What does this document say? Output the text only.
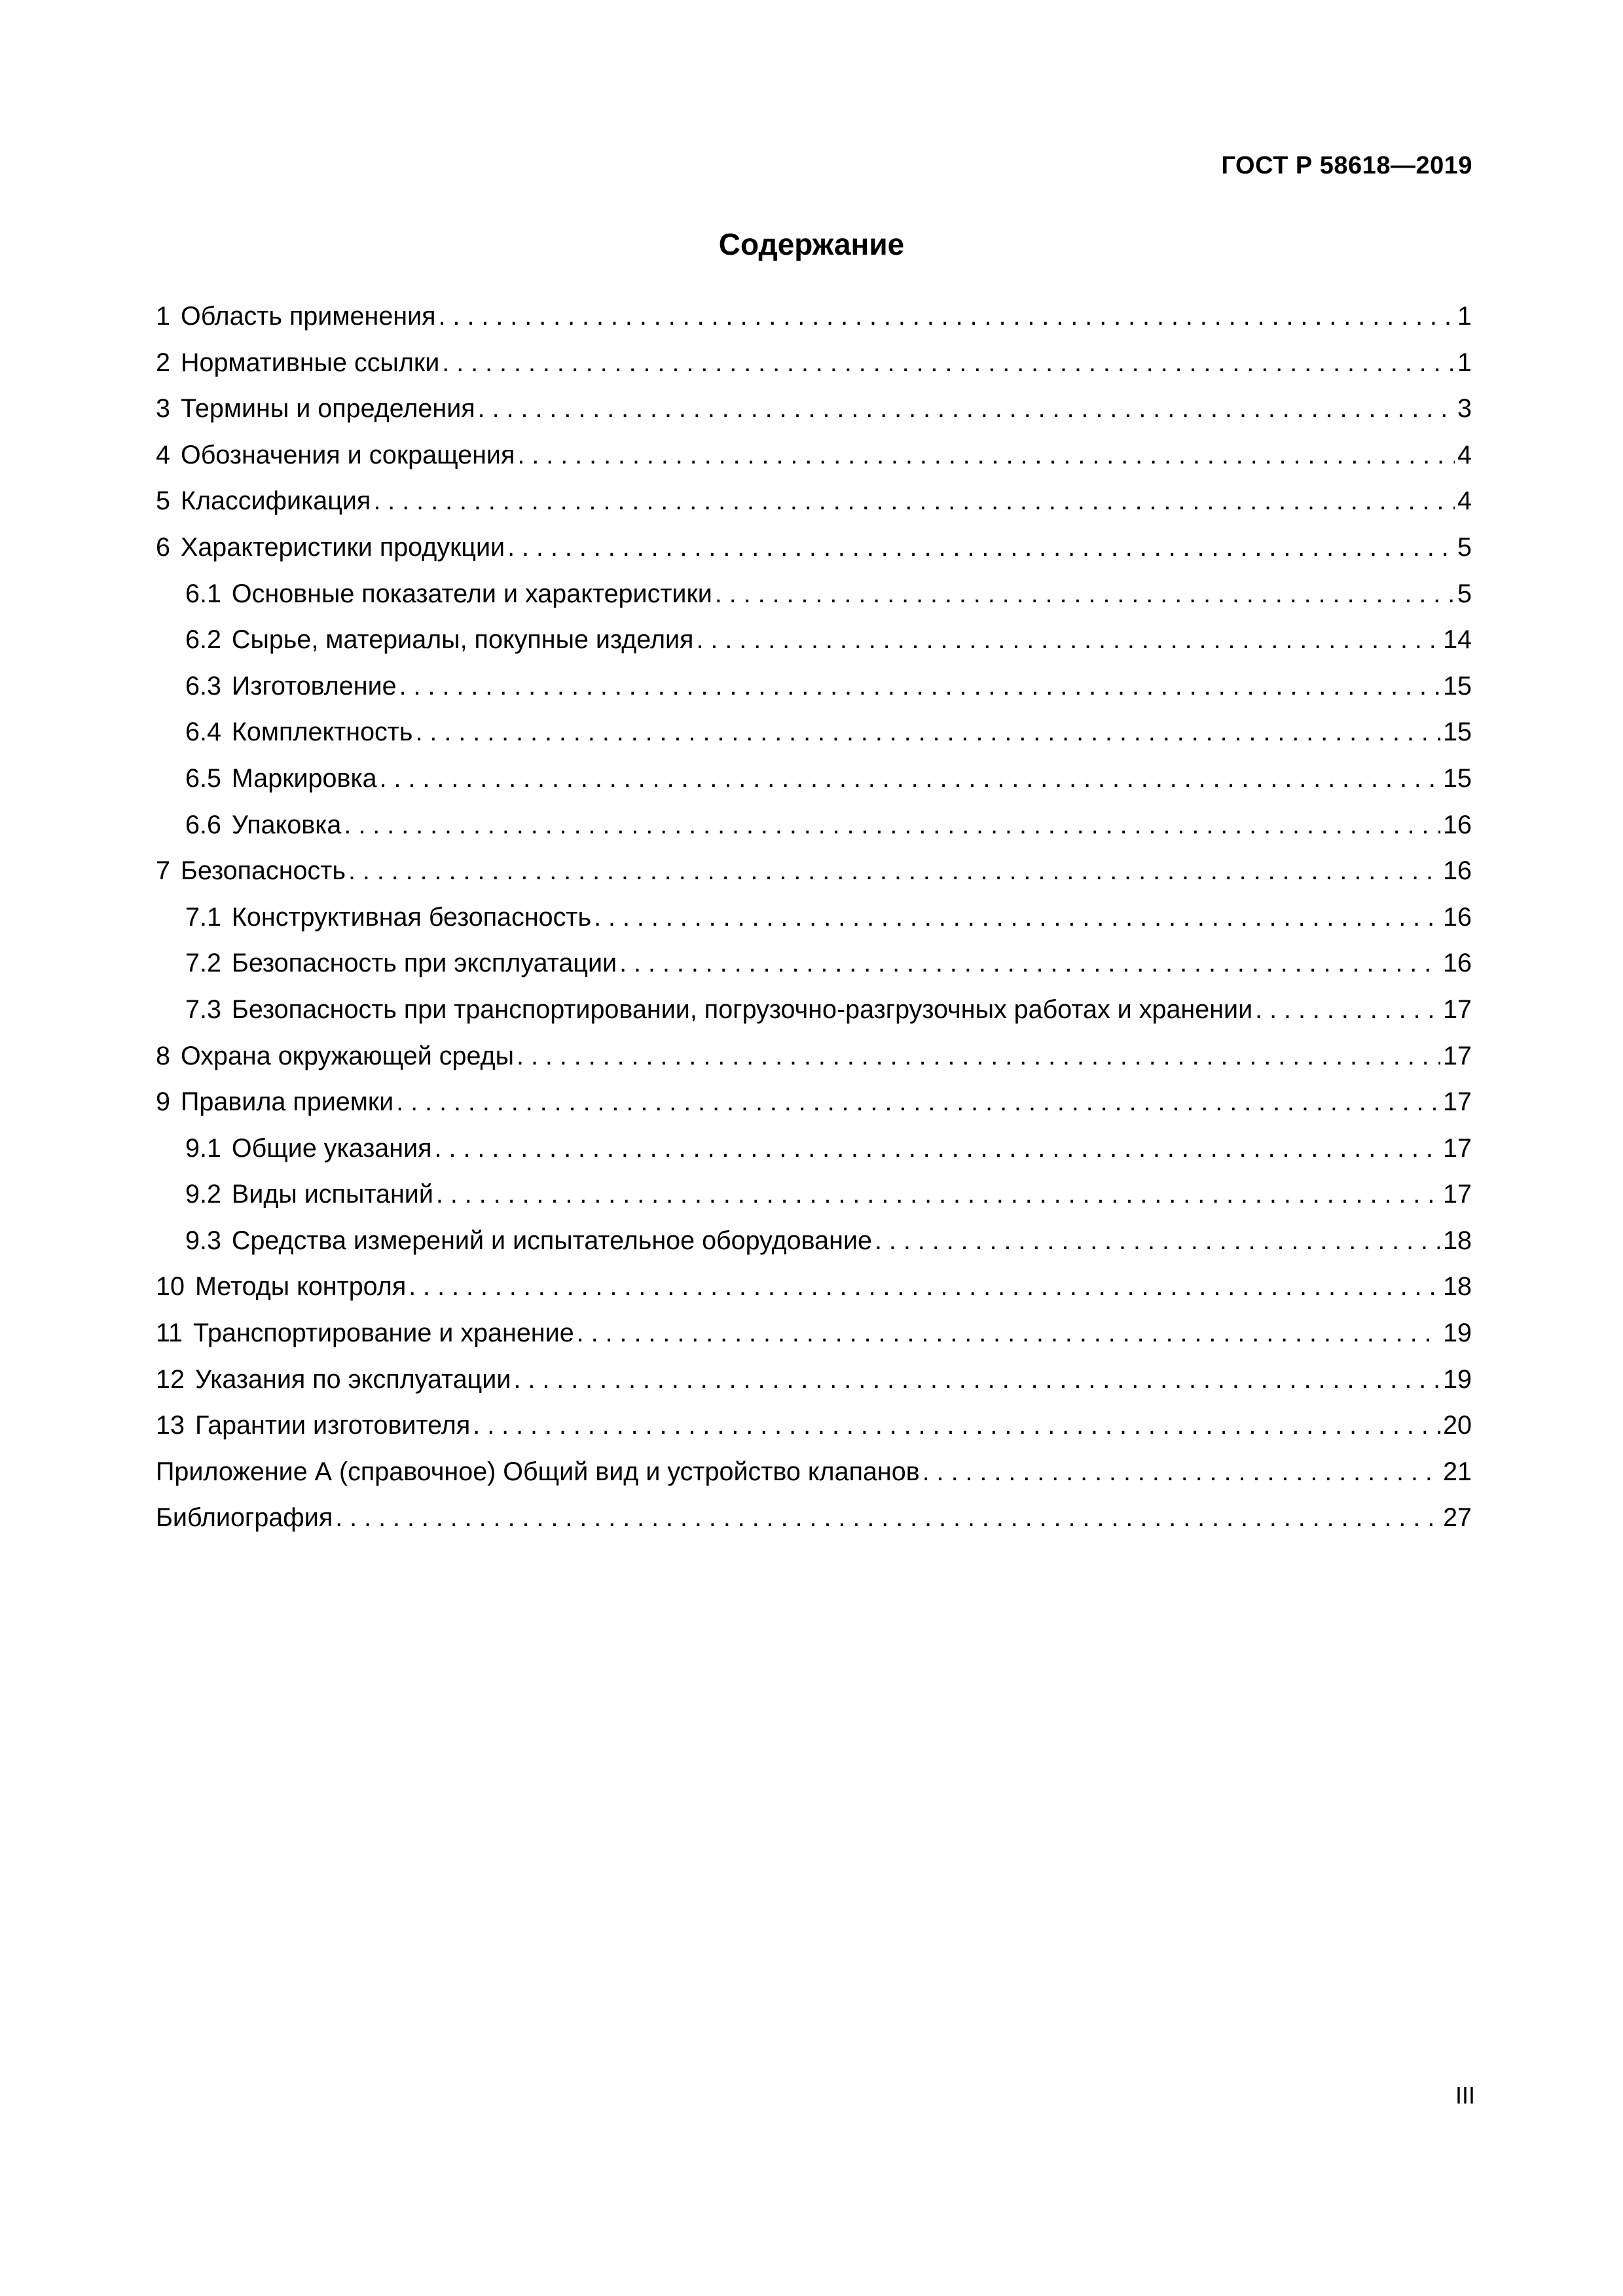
ГОСТ Р 58618—2019
Содержание
1 Область применения . . .	1
2 Нормативные ссылки . . .	1
3 Термины и определения . . .	3
4 Обозначения и сокращения . . .	4
5 Классификация . . .	4
6 Характеристики продукции . . .	5
6.1 Основные показатели и характеристики . . .	5
6.2 Сырье, материалы, покупные изделия . . .	14
6.3 Изготовление . . .	15
6.4 Комплектность . . .	15
6.5 Маркировка . . .	15
6.6 Упаковка . . .	16
7 Безопасность . . .	16
7.1 Конструктивная безопасность . . .	16
7.2 Безопасность при эксплуатации . . .	16
7.3 Безопасность при транспортировании, погрузочно-разгрузочных работах и хранении . . .	17
8 Охрана окружающей среды . . .	17
9 Правила приемки . . .	17
9.1 Общие указания . . .	17
9.2 Виды испытаний . . .	17
9.3 Средства измерений и испытательное оборудование . . .	18
10 Методы контроля . . .	18
11 Транспортирование и хранение . . .	19
12 Указания по эксплуатации . . .	19
13 Гарантии изготовителя . . .	20
Приложение А (справочное) Общий вид и устройство клапанов . . .	21
Библиография . . .	27
III
